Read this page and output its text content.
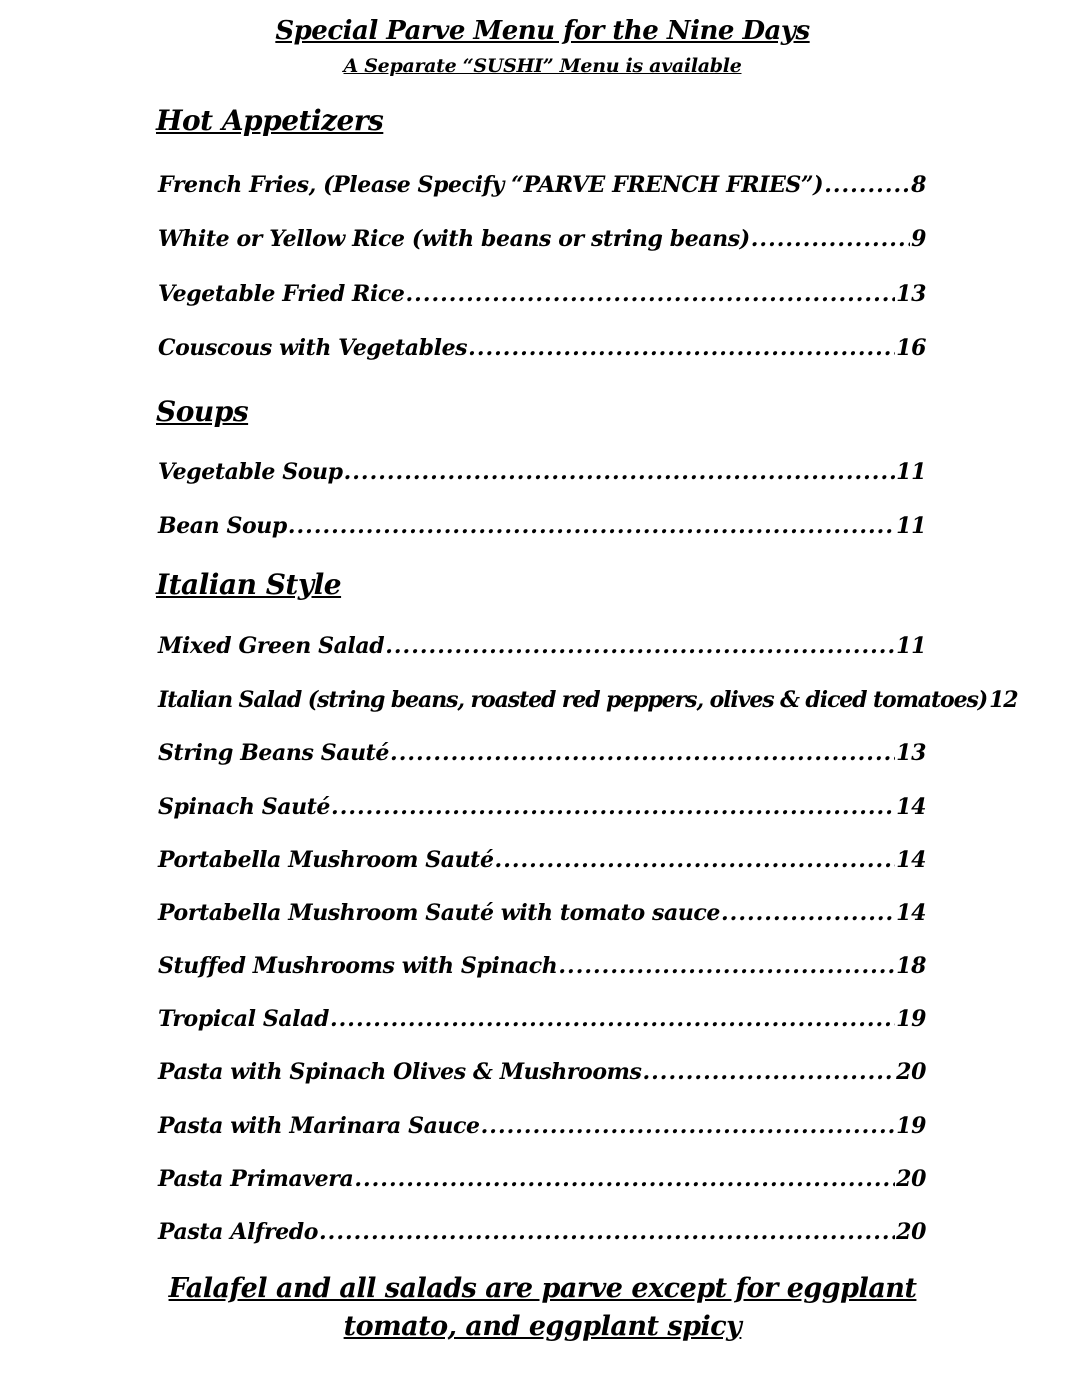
Special Parve Menu for the Nine Days
A Separate “SUSHI” Menu is available
Hot Appetizers
French Fries, (Please Specify “PARVE FRENCH FRIES”) .....	8
White or Yellow Rice (with beans or string beans) .....	9
Vegetable Fried Rice .....	13
Couscous with Vegetables .....	16
Soups
Vegetable Soup .....	11
Bean Soup .....	11
Italian Style
Mixed Green Salad .....	11
Italian Salad (string beans, roasted red peppers, olives & diced tomatoes) 12
String Beans Sauté .....	13
Spinach Sauté .....	14
Portabella Mushroom Sauté .....	14
Portabella Mushroom Sauté with tomato sauce .....	14
Stuffed Mushrooms with Spinach .....	18
Tropical Salad .....	19
Pasta with Spinach Olives & Mushrooms .....	20
Pasta with Marinara Sauce .....	19
Pasta Primavera .....	20
Pasta Alfredo .....	20
Falafel and all salads are parve except for eggplant tomato, and eggplant spicy
